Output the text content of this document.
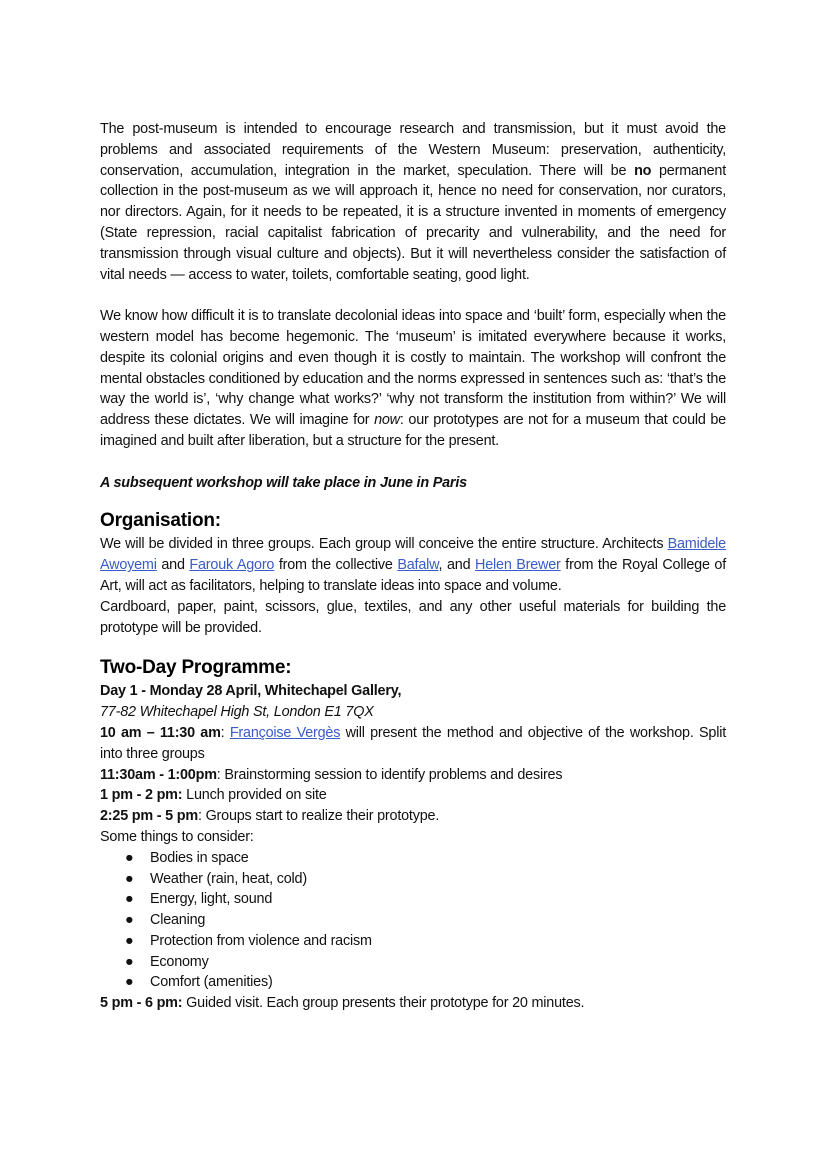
The post-museum is intended to encourage research and transmission, but it must avoid the problems and associated requirements of the Western Museum: preservation, authenticity, conservation, accumulation, integration in the market, speculation. There will be no permanent collection in the post-museum as we will approach it, hence no need for conservation, nor curators, nor directors. Again, for it needs to be repeated, it is a structure invented in moments of emergency (State repression, racial capitalist fabrication of precarity and vulnerability, and the need for transmission through visual culture and objects). But it will nevertheless consider the satisfaction of vital needs — access to water, toilets, comfortable seating, good light.

We know how difficult it is to translate decolonial ideas into space and ‘built’ form, especially when the western model has become hegemonic. The ‘museum’ is imitated everywhere because it works, despite its colonial origins and even though it is costly to maintain. The workshop will confront the mental obstacles conditioned by education and the norms expressed in sentences such as: ‘that’s the way the world is’, ‘why change what works?’ ‘why not transform the institution from within?’ We will address these dictates. We will imagine for now: our prototypes are not for a museum that could be imagined and built after liberation, but a structure for the present.

A subsequent workshop will take place in June in Paris

Organisation:

We will be divided in three groups. Each group will conceive the entire structure. Architects Bamidele Awoyemi and Farouk Agoro from the collective Bafalw, and Helen Brewer from the Royal College of Art, will act as facilitators, helping to translate ideas into space and volume.

Cardboard, paper, paint, scissors, glue, textiles, and any other useful materials for building the prototype will be provided.

Two-Day Programme:

Day 1 - Monday 28 April, Whitechapel Gallery,

77-82 Whitechapel High St, London E1 7QX

10 am – 11:30 am: Françoise Vergès will present the method and objective of the workshop. Split into three groups

11:30am - 1:00pm: Brainstorming session to identify problems and desires

1 pm - 2 pm: Lunch provided on site

2:25 pm - 5 pm: Groups start to realize their prototype.

Some things to consider:

● Bodies in space
● Weather (rain, heat, cold)
● Energy, light, sound
● Cleaning
● Protection from violence and racism
● Economy
● Comfort (amenities)

5 pm - 6 pm: Guided visit. Each group presents their prototype for 20 minutes.
